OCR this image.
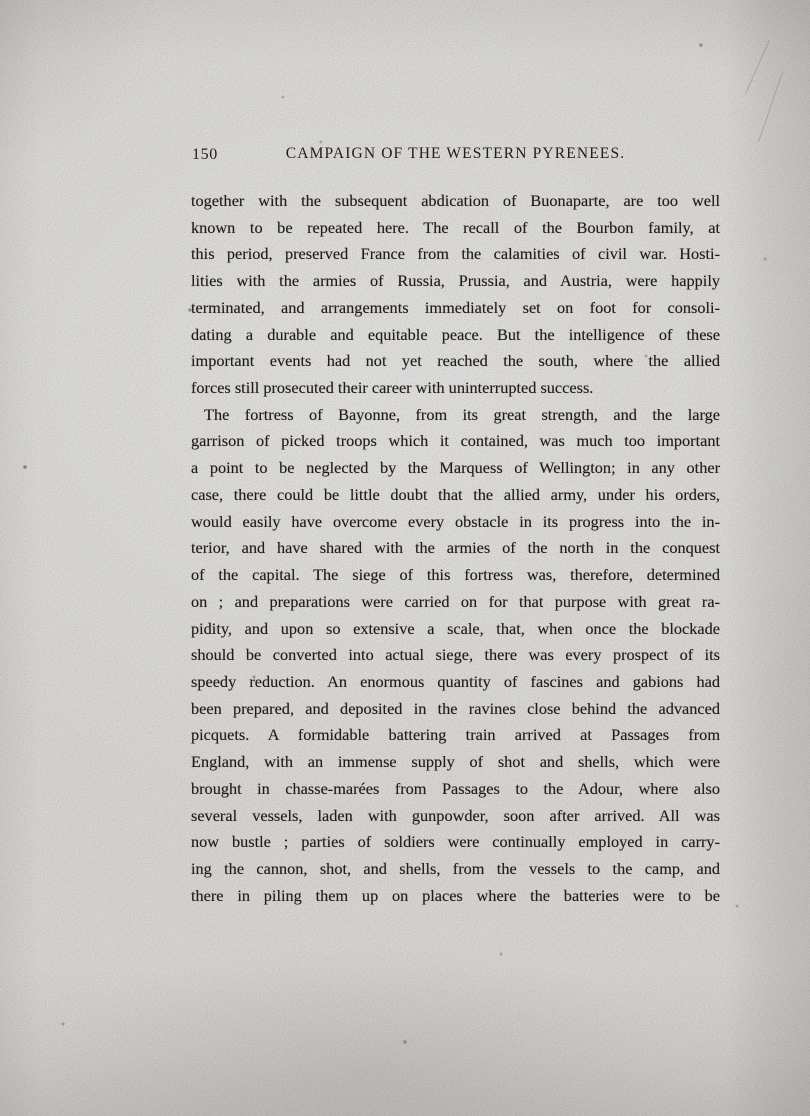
150	CAMPAIGN OF THE WESTERN PYRENEES.
together with the subsequent abdication of Buonaparte, are too well
known to be repeated here. The recall of the Bourbon family, at
this period, preserved France from the calamities of civil war. Hosti-
lities with the armies of Russia, Prussia, and Austria, were happily
terminated, and arrangements immediately set on foot for consoli-
dating a durable and equitable peace. But the intelligence of these
important events had not yet reached the south, where the allied
forces still prosecuted their career with uninterrupted success.
The fortress of Bayonne, from its great strength, and the large
garrison of picked troops which it contained, was much too important
a point to be neglected by the Marquess of Wellington; in any other
case, there could be little doubt that the allied army, under his orders,
would easily have overcome every obstacle in its progress into the in-
terior, and have shared with the armies of the north in the conquest
of the capital. The siege of this fortress was, therefore, determined
on ; and preparations were carried on for that purpose with great ra-
pidity, and upon so extensive a scale, that, when once the blockade
should be converted into actual siege, there was every prospect of its
speedy reduction. An enormous quantity of fascines and gabions had
been prepared, and deposited in the ravines close behind the advanced
picquets. A formidable battering train arrived at Passages from
England, with an immense supply of shot and shells, which were
brought in chasse-marées from Passages to the Adour, where also
several vessels, laden with gunpowder, soon after arrived. All was
now bustle ; parties of soldiers were continually employed in carry-
ing the cannon, shot, and shells, from the vessels to the camp, and
there in piling them up on places where the batteries were to be
